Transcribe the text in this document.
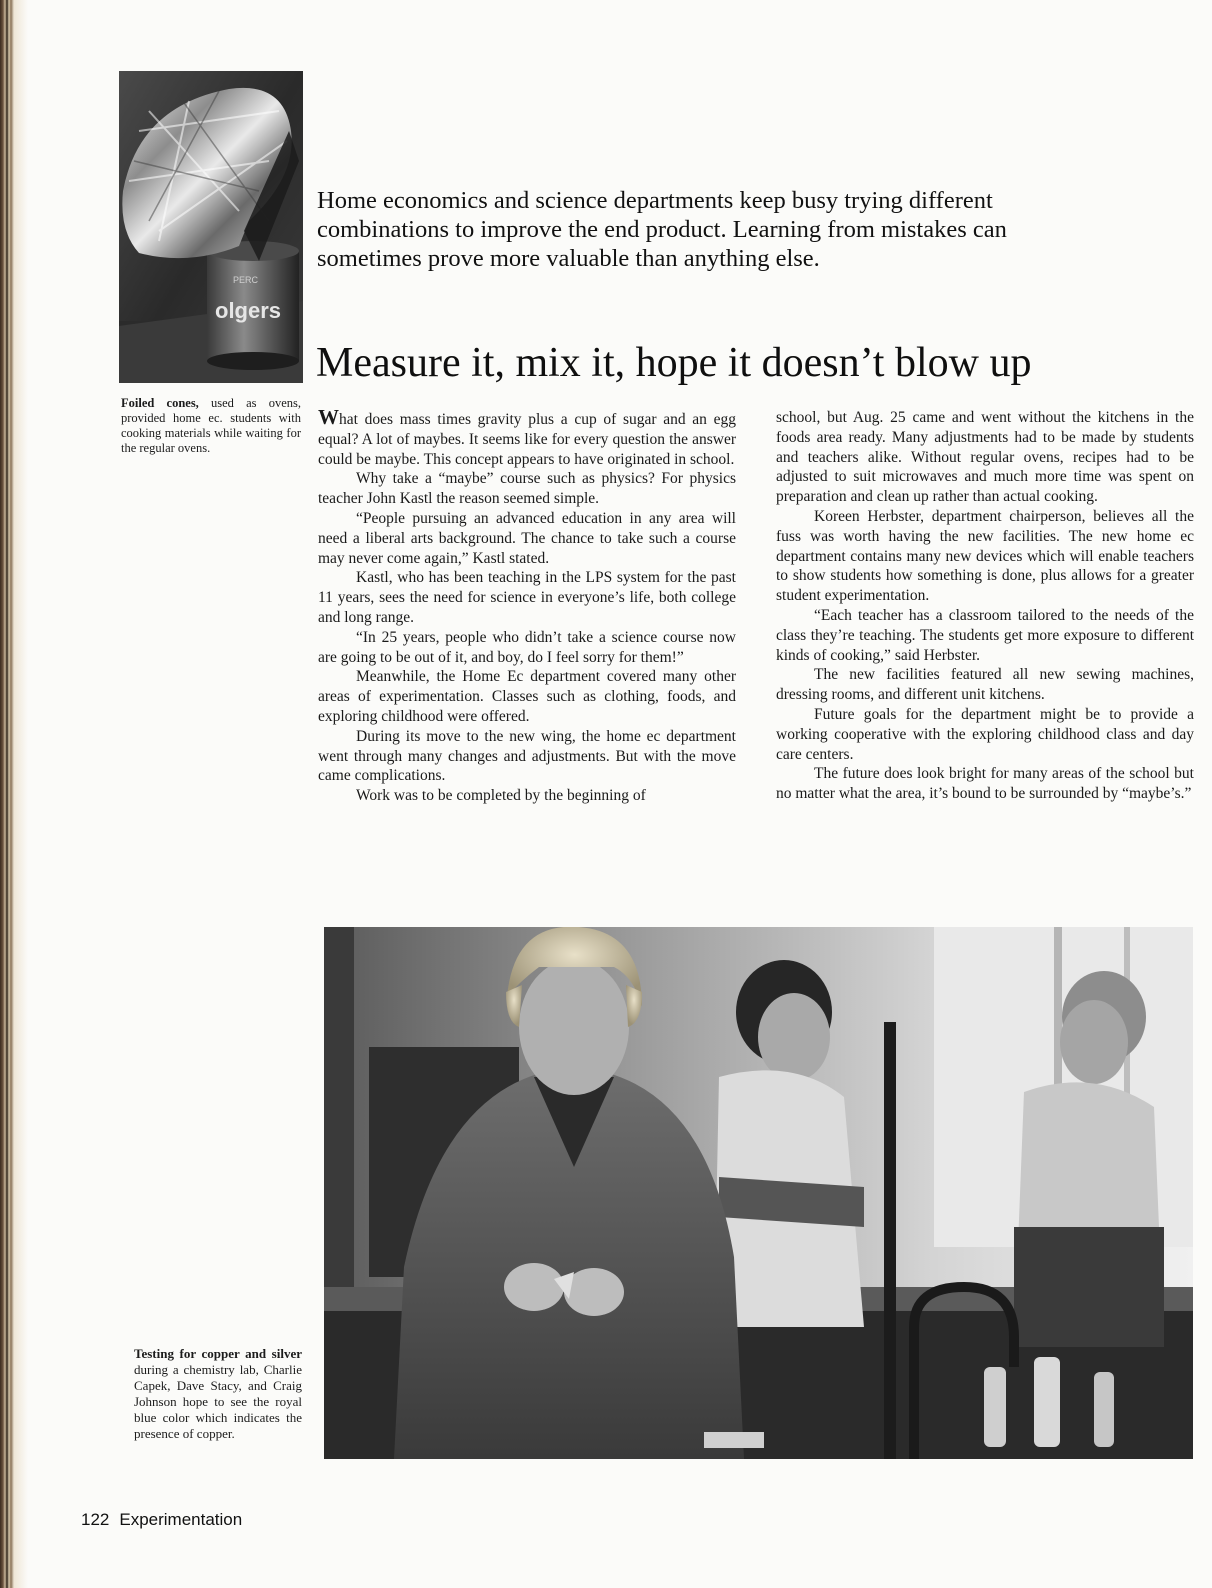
olgers
PERC
Foiled cones, used as ovens, provided home ec. students with cooking materials while waiting for the regular ovens.
Home economics and science departments keep busy trying different combinations to improve the end product. Learning from mistakes can sometimes prove more valuable than anything else.
Measure it, mix it, hope it doesn’t blow up

What does mass times gravity plus a cup of sugar and an egg equal? A lot of maybes. It seems like for every question the answer could be maybe. This concept appears to have originated in school.

Why take a “maybe” course such as physics? For physics teacher John Kastl the reason seemed simple.

“People pursuing an advanced education in any area will need a liberal arts background. The chance to take such a course may never come again,” Kastl stated.

Kastl, who has been teaching in the LPS system for the past 11 years, sees the need for science in everyone’s life, both college and long range.

“In 25 years, people who didn’t take a science course now are going to be out of it, and boy, do I feel sorry for them!”

Meanwhile, the Home Ec department covered many other areas of experimentation. Classes such as clothing, foods, and exploring childhood were offered.

During its move to the new wing, the home ec department went through many changes and adjustments. But with the move came complications.

Work was to be completed by the beginning of

school, but Aug. 25 came and went without the kitchens in the foods area ready. Many adjustments had to be made by students and teachers alike. Without regular ovens, recipes had to be adjusted to suit microwaves and much more time was spent on preparation and clean up rather than actual cooking.

Koreen Herbster, department chairperson, believes all the fuss was worth having the new facilities. The new home ec department contains many new devices which will enable teachers to show students how something is done, plus allows for a greater student experimentation.

“Each teacher has a classroom tailored to the needs of the class they’re teaching. The students get more exposure to different kinds of cooking,” said Herbster.

The new facilities featured all new sewing machines, dressing rooms, and different unit kitchens.

Future goals for the department might be to provide a working cooperative with the exploring childhood class and day care centers.

The future does look bright for many areas of the school but no matter what the area, it’s bound to be surrounded by “maybe’s.”

Testing for copper and silver during a chemistry lab, Charlie Capek, Dave Stacy, and Craig Johnson hope to see the royal blue color which indicates the presence of copper.
122 Experimentation
